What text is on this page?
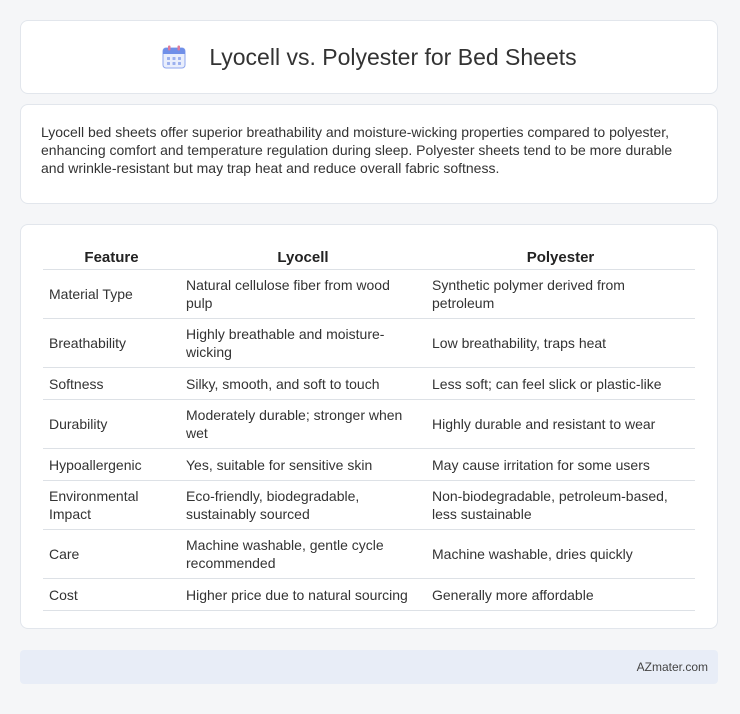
Lyocell vs. Polyester for Bed Sheets

Lyocell bed sheets offer superior breathability and moisture-wicking properties compared to polyester, enhancing comfort and temperature regulation during sleep. Polyester sheets tend to be more durable and wrinkle-resistant but may trap heat and reduce overall fabric softness.

Feature	Lyocell	Polyester
Material Type	Natural cellulose fiber from wood pulp	Synthetic polymer derived from petroleum
Breathability	Highly breathable and moisture-wicking	Low breathability, traps heat
Softness	Silky, smooth, and soft to touch	Less soft; can feel slick or plastic-like
Durability	Moderately durable; stronger when wet	Highly durable and resistant to wear
Hypoallergenic	Yes, suitable for sensitive skin	May cause irritation for some users
Environmental Impact	Eco-friendly, biodegradable, sustainably sourced	Non-biodegradable, petroleum-based, less sustainable
Care	Machine washable, gentle cycle recommended	Machine washable, dries quickly
Cost	Higher price due to natural sourcing	Generally more affordable
AZmater.com
